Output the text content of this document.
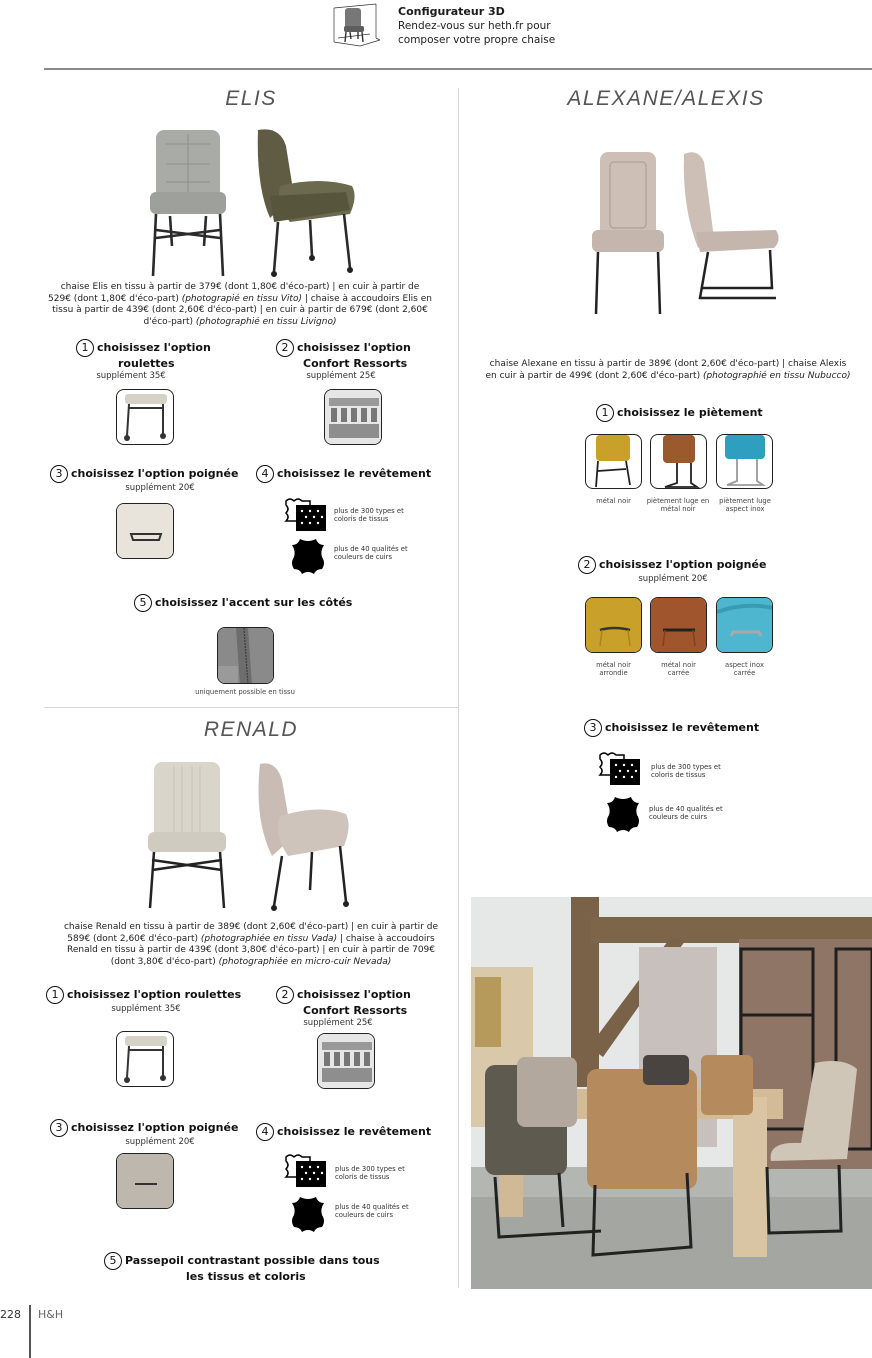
Configurateur 3D
Rendez-vous sur heth.fr pour
composer votre propre chaise
ELIS
chaise Elis en tissu à partir de 379€ (dont 1,80€ d'éco-part) | en cuir à partir de
529€ (dont 1,80€ d'éco-part) (photograpié en tissu Vito) | chaise à accoudoirs Elis en
tissu à partir de 439€ (dont 2,60€ d'éco-part) | en cuir à partir de 679€ (dont 2,60€
d'éco-part) (photographié en tissu Livigno)
1 choisissez l'option
roulettes
supplément 35€
2 choisissez l'option
Confort Ressorts
supplément 25€
3 choisissez l'option poignée
supplément 20€
4 choisissez le revêtement
plus de 300 types et
coloris de tissus
plus de 40 qualités et
couleurs de cuirs
5 choisissez l'accent sur les côtés
uniquement possible en tissu
ALEXANE/ALEXIS
chaise Alexane en tissu à partir de 389€ (dont 2,60€ d'éco-part) | chaise Alexis
en cuir à partir de 499€ (dont 2,60€ d'éco-part) (photographié en tissu Nubucco)
1 choisissez le piètement
métal noir	piètement luge en
métal noir
piètement luge
aspect inox
2 choisissez l'option poignée
supplément 20€
métal noir
arrondie
métal noir
carrée
aspect inox
carrée
3 choisissez le revêtement
plus de 300 types et
coloris de tissus
plus de 40 qualités et
couleurs de cuirs
RENALD
chaise Renald en tissu à partir de 389€ (dont 2,60€ d'éco-part) | en cuir à partir de
589€ (dont 2,60€ d'éco-part) (photographiée en tissu Vada) | chaise à accoudoirs
Renald en tissu à partir de 439€ (dont 3,80€ d'éco-part) | en cuir à partir de 709€
(dont 3,80€ d'éco-part) (photographiée en micro-cuir Nevada)
1 choisissez l'option roulettes
supplément 35€
2 choisissez l'option
Confort Ressorts
supplément 25€
3 choisissez l'option poignée
supplément 20€
4 choisissez le revêtement
plus de 300 types et
coloris de tissus
plus de 40 qualités et
couleurs de cuirs
5 Passepoil contrastant possible dans tous
les tissus et coloris
228 H&H
